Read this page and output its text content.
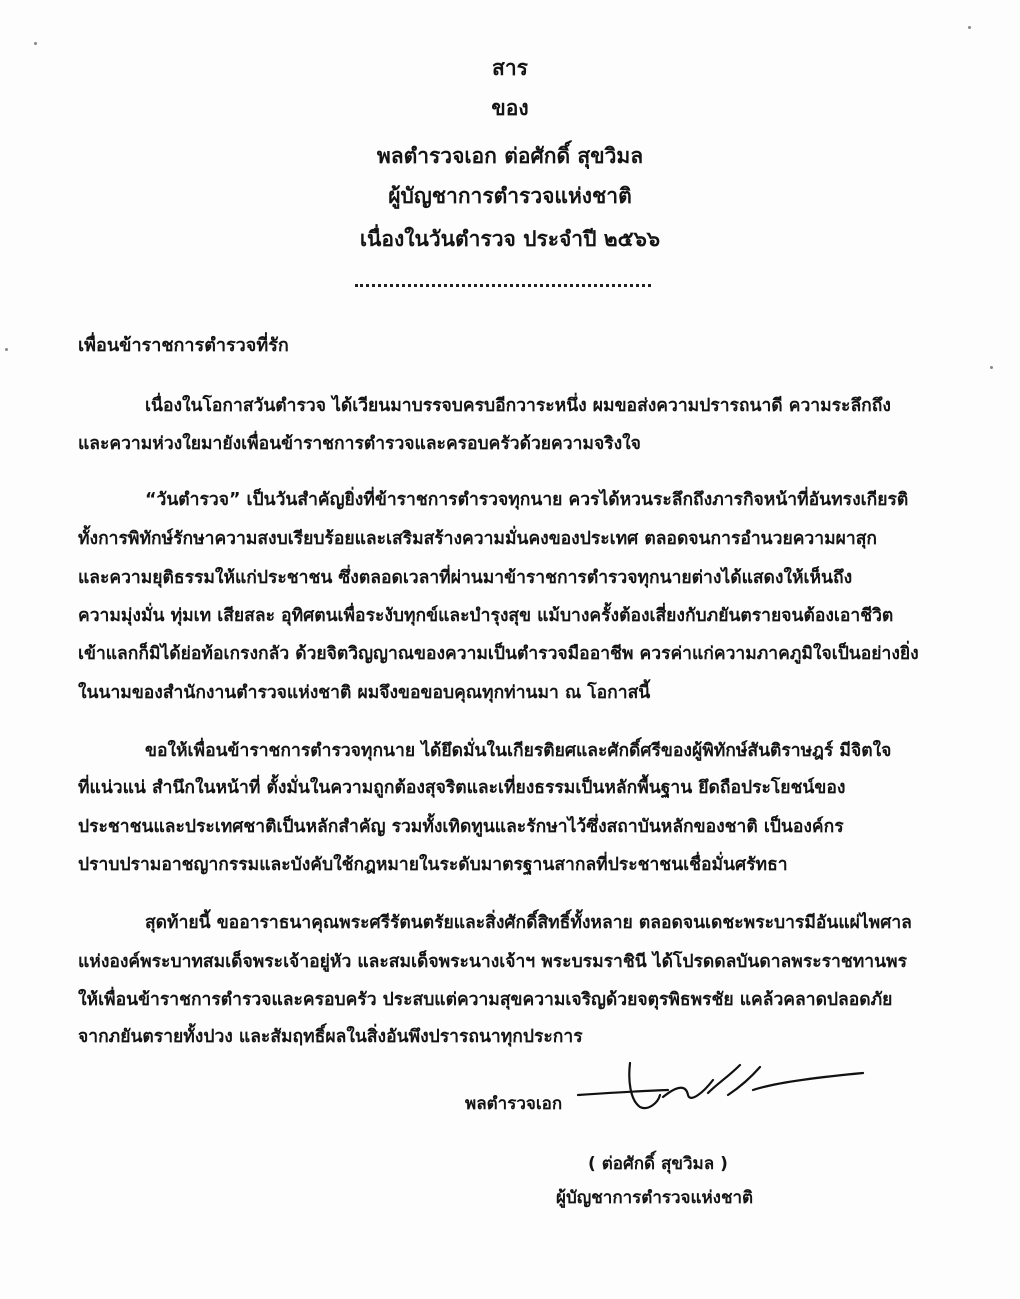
สาร
ของ
พลตำรวจเอก ต่อศักดิ์ สุขวิมล
ผู้บัญชาการตำรวจแห่งชาติ
เนื่องในวันตำรวจ ประจำปี ๒๕๖๖
เพื่อนข้าราชการตำรวจที่รัก
เนื่องในโอกาสวันตำรวจ ได้เวียนมาบรรจบครบอีกวาระหนึ่ง ผมขอส่งความปรารถนาดี ความระลึกถึง
และความห่วงใยมายังเพื่อนข้าราชการตำรวจและครอบครัวด้วยความจริงใจ
“วันตำรวจ” เป็นวันสำคัญยิ่งที่ข้าราชการตำรวจทุกนาย ควรได้หวนระลึกถึงภารกิจหน้าที่อันทรงเกียรติ
ทั้งการพิทักษ์รักษาความสงบเรียบร้อยและเสริมสร้างความมั่นคงของประเทศ ตลอดจนการอำนวยความผาสุก
และความยุติธรรมให้แก่ประชาชน ซึ่งตลอดเวลาที่ผ่านมาข้าราชการตำรวจทุกนายต่างได้แสดงให้เห็นถึง
ความมุ่งมั่น ทุ่มเท เสียสละ อุทิศตนเพื่อระงับทุกข์และบำรุงสุข แม้บางครั้งต้องเสี่ยงกับภยันตรายจนต้องเอาชีวิต
เข้าแลกก็มิได้ย่อท้อเกรงกลัว ด้วยจิตวิญญาณของความเป็นตำรวจมืออาชีพ ควรค่าแก่ความภาคภูมิใจเป็นอย่างยิ่ง
ในนามของสำนักงานตำรวจแห่งชาติ ผมจึงขอขอบคุณทุกท่านมา ณ โอกาสนี้
ขอให้เพื่อนข้าราชการตำรวจทุกนาย ได้ยึดมั่นในเกียรติยศและศักดิ์ศรีของผู้พิทักษ์สันติราษฎร์ มีจิตใจ
ที่แน่วแน่ สำนึกในหน้าที่ ตั้งมั่นในความถูกต้องสุจริตและเที่ยงธรรมเป็นหลักพื้นฐาน ยึดถือประโยชน์ของ
ประชาชนและประเทศชาติเป็นหลักสำคัญ รวมทั้งเทิดทูนและรักษาไว้ซึ่งสถาบันหลักของชาติ เป็นองค์กร
ปราบปรามอาชญากรรมและบังคับใช้กฎหมายในระดับมาตรฐานสากลที่ประชาชนเชื่อมั่นศรัทธา
สุดท้ายนี้ ขออาราธนาคุณพระศรีรัตนตรัยและสิ่งศักดิ์สิทธิ์ทั้งหลาย ตลอดจนเดชะพระบารมีอันแผ่ไพศาล
แห่งองค์พระบาทสมเด็จพระเจ้าอยู่หัว และสมเด็จพระนางเจ้าฯ พระบรมราชินี ได้โปรดดลบันดาลพระราชทานพร
ให้เพื่อนข้าราชการตำรวจและครอบครัว ประสบแต่ความสุขความเจริญด้วยจตุรพิธพรชัย แคล้วคลาดปลอดภัย
จากภยันตรายทั้งปวง และสัมฤทธิ์ผลในสิ่งอันพึงปรารถนาทุกประการ
พลตำรวจเอก
( ต่อศักดิ์ สุขวิมล )
ผู้บัญชาการตำรวจแห่งชาติ
